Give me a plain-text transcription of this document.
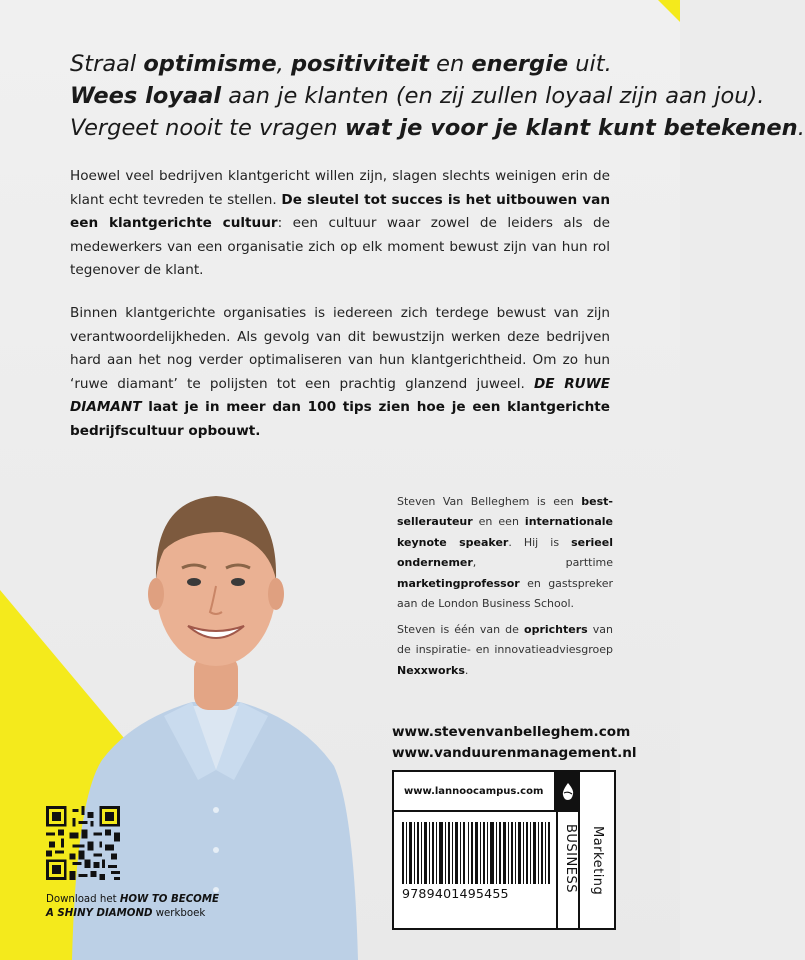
Straal optimisme, positiviteit en energie uit.
Wees loyaal aan je klanten (en zij zullen loyaal zijn aan jou).
Vergeet nooit te vragen wat je voor je klant kunt betekenen.
Hoewel veel bedrijven klantgericht willen zijn, slagen slechts weinigen erin de klant echt tevreden te stellen. De sleutel tot succes is het uitbouwen van een klantgerichte cultuur: een cultuur waar zowel de leiders als de medewerkers van een organisatie zich op elk moment bewust zijn van hun rol tegenover de klant.
Binnen klantgerichte organisaties is iedereen zich terdege bewust van zijn verantwoordelijkheden. Als gevolg van dit bewustzijn werken deze bedrijven hard aan het nog verder optimaliseren van hun klantgerichtheid. Om zo hun ‘ruwe diamant’ te polijsten tot een prachtig glanzend juweel. DE RUWE DIAMANT laat je in meer dan 100 tips zien hoe je een klantgerichte bedrijfscultuur opbouwt.
Steven Van Belleghem is een bestsellerauteur en een internationale keynote speaker. Hij is serieel ondernemer, parttime marketingprofessor en gastspreker aan de London Business School.
Steven is één van de oprichters van de inspiratie- en innovatieadviesgroep Nexxworks.
www.stevenvanbelleghem.com
www.vanduurenmanagement.nl
Download het HOW TO BECOME
A SHINY DIAMOND werkboek
www.lannoocampus.com
9789401495455
BUSINESS Marketing
